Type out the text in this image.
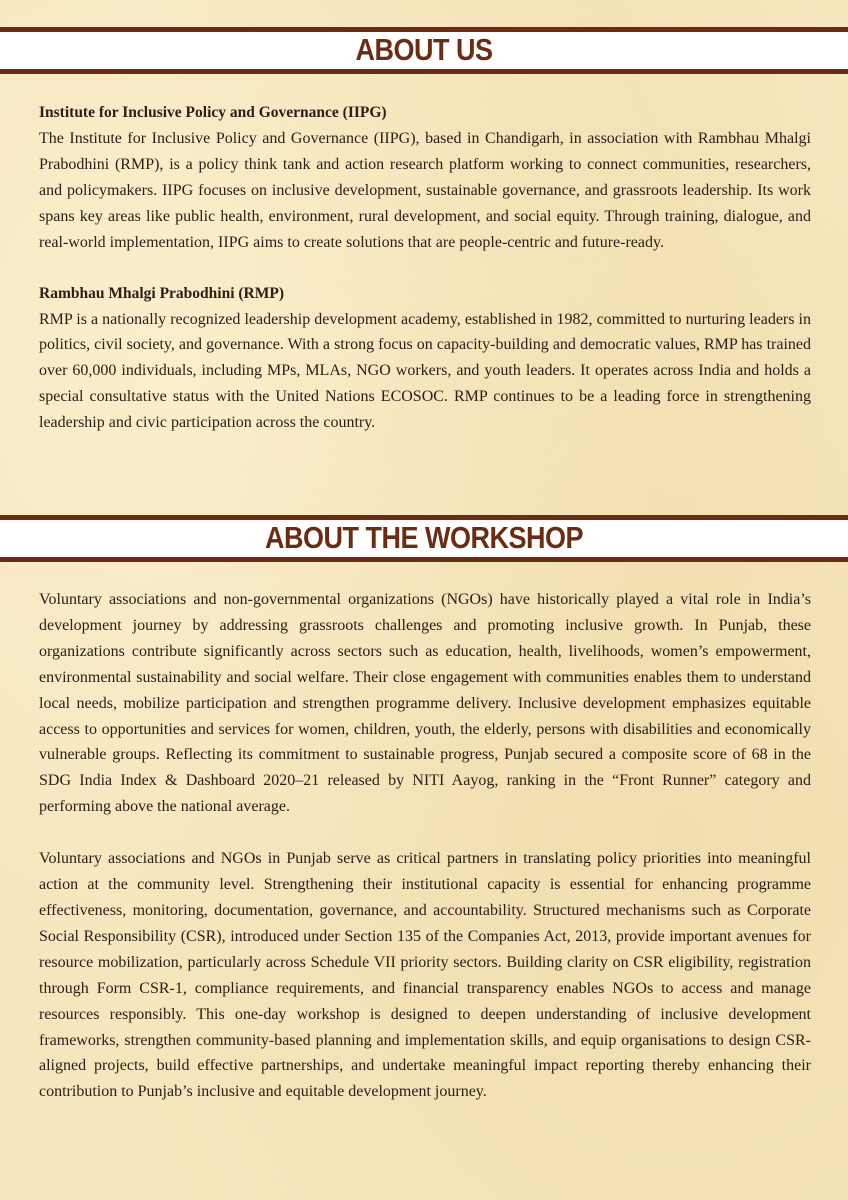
ABOUT US
Institute for Inclusive Policy and Governance (IIPG)

The Institute for Inclusive Policy and Governance (IIPG), based in Chandigarh, in association with Rambhau Mhalgi Prabodhini (RMP), is a policy think tank and action research platform working to connect communities, researchers, and policymakers. IIPG focuses on inclusive development, sustainable governance, and grassroots leadership. Its work spans key areas like public health, environment, rural development, and social equity. Through training, dialogue, and real-world implementation, IIPG aims to create solutions that are people-centric and future-ready.

Rambhau Mhalgi Prabodhini (RMP)

RMP is a nationally recognized leadership development academy, established in 1982, committed to nurturing leaders in politics, civil society, and governance. With a strong focus on capacity-building and democratic values, RMP has trained over 60,000 individuals, including MPs, MLAs, NGO workers, and youth leaders. It operates across India and holds a special consultative status with the United Nations ECOSOC. RMP continues to be a leading force in strengthening leadership and civic participation across the country.

ABOUT THE WORKSHOP

Voluntary associations and non-governmental organizations (NGOs) have historically played a vital role in India’s development journey by addressing grassroots challenges and promoting inclusive growth. In Punjab, these organizations contribute significantly across sectors such as education, health, livelihoods, women’s empowerment, environmental sustainability and social welfare. Their close engagement with communities enables them to understand local needs, mobilize participation and strengthen programme delivery. Inclusive development emphasizes equitable access to opportunities and services for women, children, youth, the elderly, persons with disabilities and economically vulnerable groups. Reflecting its commitment to sustainable progress, Punjab secured a composite score of 68 in the SDG India Index & Dashboard 2020–21 released by NITI Aayog, ranking in the “Front Runner” category and performing above the national average.

Voluntary associations and NGOs in Punjab serve as critical partners in translating policy priorities into meaningful action at the community level. Strengthening their institutional capacity is essential for enhancing programme effectiveness, monitoring, documentation, governance, and accountability. Structured mechanisms such as Corporate Social Responsibility (CSR), introduced under Section 135 of the Companies Act, 2013, provide important avenues for resource mobilization, particularly across Schedule VII priority sectors. Building clarity on CSR eligibility, registration through Form CSR-1, compliance requirements, and financial transparency enables NGOs to access and manage resources responsibly. This one-day workshop is designed to deepen understanding of inclusive development frameworks, strengthen community-based planning and implementation skills, and equip organisations to design CSR-aligned projects, build effective partnerships, and undertake meaningful impact reporting thereby enhancing their contribution to Punjab’s inclusive and equitable development journey.
